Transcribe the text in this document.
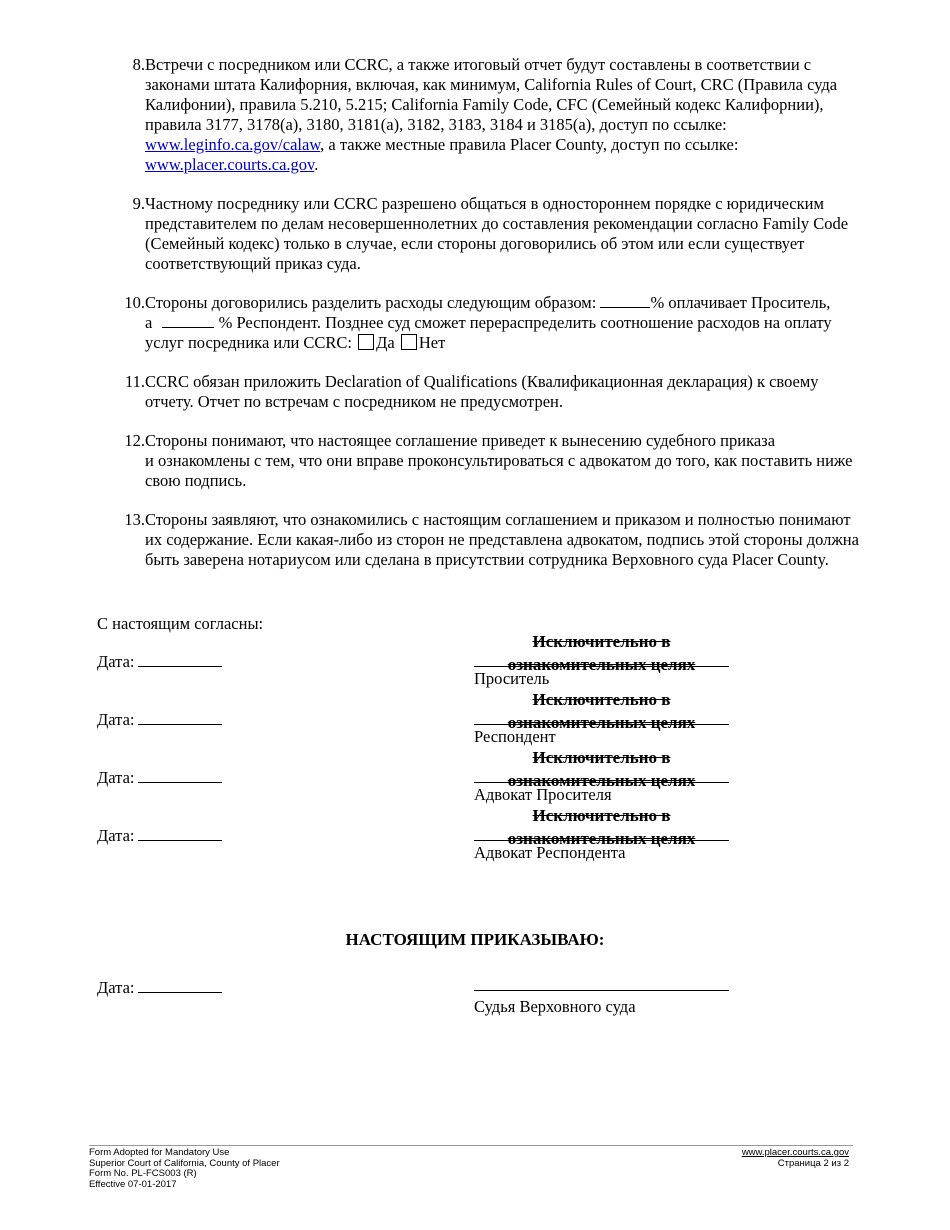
8. Встречи с посредником или CCRC, а также итоговый отчет будут составлены в соответствии с законами штата Калифорния, включая, как минимум, California Rules of Court, CRC (Правила суда Калифонии), правила 5.210, 5.215; California Family Code, CFC (Семейный кодекс Калифорнии), правила 3177, 3178(a), 3180, 3181(a), 3182, 3183, 3184 и 3185(a), доступ по ссылке: www.leginfo.ca.gov/calaw, а также местные правила Placer County, доступ по ссылке:
www.placer.courts.ca.gov.
9. Частному посреднику или CCRC разрешено общаться в одностороннем порядке с юридическим представителем по делам несовершеннолетних до составления рекомендации согласно Family Code (Семейный кодекс) только в случае, если стороны договорились об этом или если существует соответствующий приказ суда.
10. Стороны договорились разделить расходы следующим образом:	% оплачивает Проситель,
а	% Респондент. Позднее суд сможет перераспределить соотношение расходов на оплату услуг посредника или CCRC: Да Нет
11. CCRC обязан приложить Declaration of Qualifications (Квалификационная декларация) к своему отчету. Отчет по встречам с посредником не предусмотрен.
12. Стороны понимают, что настоящее соглашение приведет к вынесению судебного приказа
и ознакомлены с тем, что они вправе проконсультироваться с адвокатом до того, как поставить ниже свою подпись.
13. Стороны заявляют, что ознакомились с настоящим соглашением и приказом и полностью понимают их содержание. Если какая-либо из сторон не представлена адвокатом, подпись этой стороны должна быть заверена нотариусом или сделана в присутствии сотрудника Верховного суда Placer County.
С настоящим согласны:
Дата:
Исключительно в
ознакомительных целях
Проситель
Дата:
Исключительно в
ознакомительных целях
Респондент
Дата:
Исключительно в
ознакомительных целях
Адвокат Просителя
Дата:
Исключительно в
ознакомительных целях
Адвокат Респондента
НАСТОЯЩИМ ПРИКАЗЫВАЮ:
Дата:
Судья Верховного суда
Form Adopted for Mandatory Use
Superior Court of California, County of Placer
Form No. PL-FCS003 (R)
Effective 07-01-2017
www.placer.courts.ca.gov
Страница 2 из 2
